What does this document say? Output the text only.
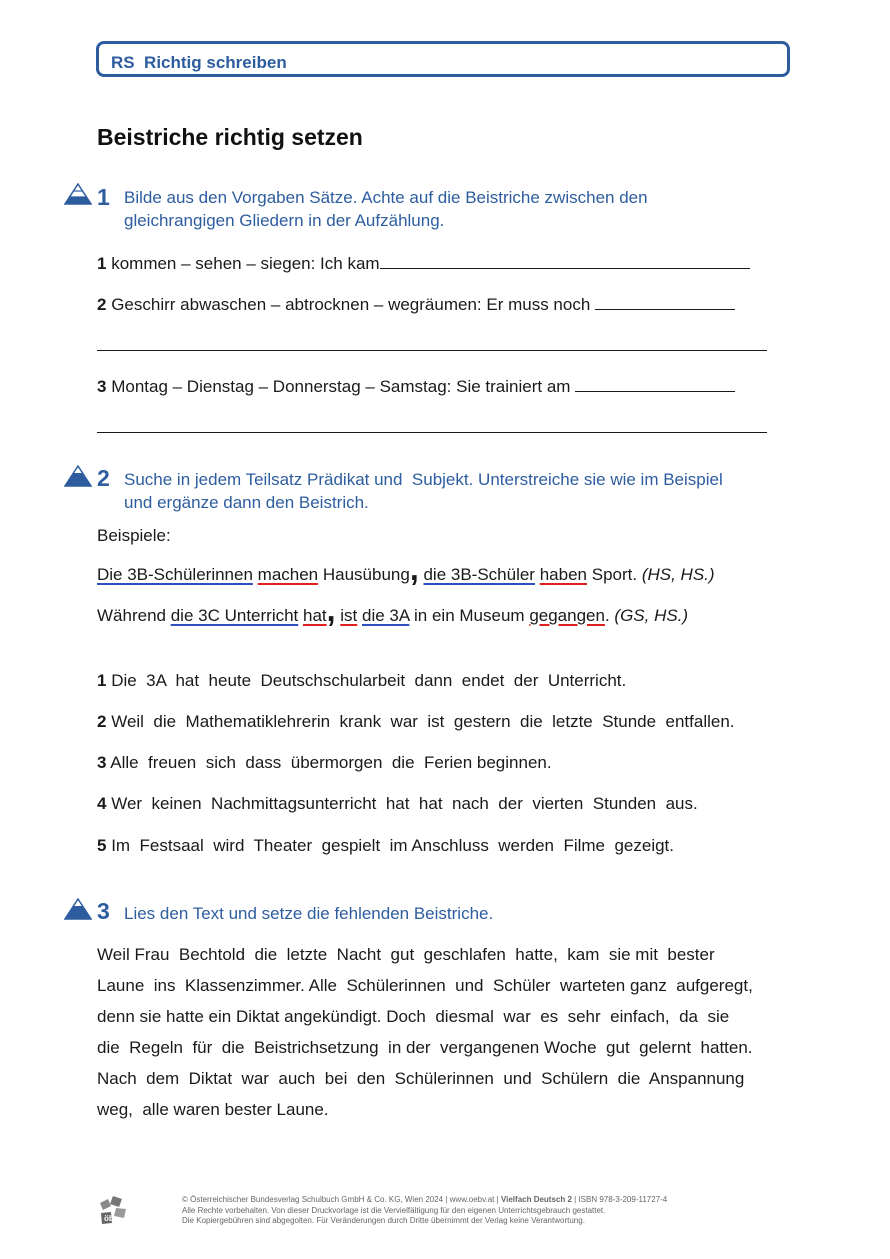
RS  Richtig schreiben
Beistriche richtig setzen
1 Bilde aus den Vorgaben Sätze. Achte auf die Beistriche zwischen den
gleichrangigen Gliedern in der Aufzählung.
1 kommen – sehen – siegen: Ich kam
2 Geschirr abwaschen – abtrocknen – wegräumen: Er muss noch
3 Montag – Dienstag – Donnerstag – Samstag: Sie trainiert am
2 Suche in jedem Teilsatz Prädikat und  Subjekt. Unterstreiche sie wie im Beispiel
und ergänze dann den Beistrich.
Beispiele:
Die 3B-Schülerinnen machen Hausübung, die 3B-Schüler haben Sport. (HS, HS.)
Während die 3C Unterricht hat, ist die 3A in ein Museum gegangen. (GS, HS.)
1 Die  3A  hat  heute  Deutschschularbeit  dann  endet  der  Unterricht.
2 Weil  die  Mathematiklehrerin  krank  war  ist  gestern  die  letzte  Stunde  entfallen.
3 Alle  freuen  sich  dass  übermorgen  die  Ferien beginnen.
4 Wer  keinen  Nachmittagsunterricht  hat  hat  nach  der  vierten  Stunden  aus.
5 Im  Festsaal  wird  Theater  gespielt  im Anschluss  werden  Filme  gezeigt.
3 Lies den Text und setze die fehlenden Beistriche.
Weil Frau  Bechtold  die  letzte  Nacht  gut  geschlafen  hatte,  kam  sie mit  bester
Laune  ins  Klassenzimmer. Alle  Schülerinnen  und  Schüler  warteten ganz  aufgeregt,
denn sie hatte ein Diktat angekündigt. Doch  diesmal  war  es  sehr  einfach,  da  sie
die  Regeln  für  die  Beistrichsetzung  in der  vergangenen Woche  gut  gelernt  hatten.
Nach  dem  Diktat  war  auch  bei  den  Schülerinnen  und  Schülern  die  Anspannung
weg,  alle waren bester Laune.
öbv
© Österreichischer Bundesverlag Schulbuch GmbH & Co. KG, Wien 2024 | www.oebv.at | Vielfach Deutsch 2 | ISBN 978-3-209-11727-4
Alle Rechte vorbehalten. Von dieser Druckvorlage ist die Vervielfältigung für den eigenen Unterrichtsgebrauch gestattet.
Die Kopiergebühren sind abgegolten. Für Veränderungen durch Dritte übernimmt der Verlag keine Verantwortung.
